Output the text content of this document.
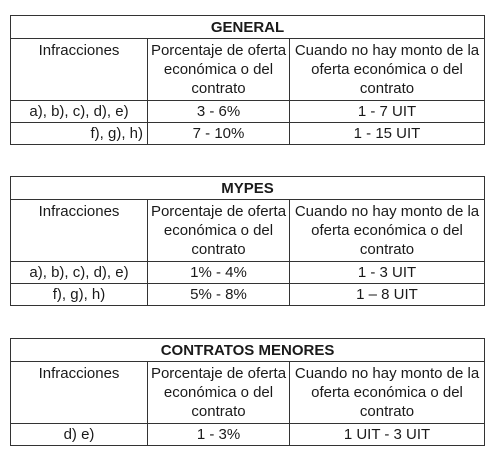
GENERAL		
Infracciones	Porcentaje de oferta económica o del contrato	Cuando no hay monto de la oferta económica o del contrato
a), b), c), d), e)	3 - 6%	1 - 7 UIT
f), g), h)	7 - 10%	1 - 15 UIT
MYPES		
Infracciones	Porcentaje de oferta económica o del contrato	Cuando no hay monto de la oferta económica o del contrato
a), b), c), d), e)	1% - 4%	1 - 3 UIT
f), g), h)	5% - 8%	1 – 8 UIT
CONTRATOS MENORES		
Infracciones	Porcentaje de oferta económica o del contrato	Cuando no hay monto de la oferta económica o del contrato
d) e)	1 - 3%	1 UIT - 3 UIT
